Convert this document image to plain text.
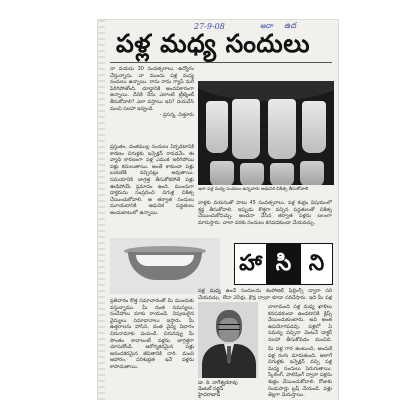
27-9-08	అదా ఉద
పళ్ల మధ్య సందులు
నా వయసు 30 సంవత్సరాలు. ఉద్యోగం చేస్తున్నాను. నా ముందు పళ్ల మధ్య సందులు ఉన్నాయి. రాను రాను గ్యాప్ మరీ పెరిగిపోతోంది. చూడ్డానికి అందవికారంగా ఉన్నాయి. దీనికి నేను ఎలాంటి ట్రీట్మెంట్ తీసుకోవాలి? ఎలా వస్తాయి ఇవి? దయచేసి మంచి సలహా ఇవ్వండి.
- ప్రసన్న, చిత్తూరు
ప్రస్తుతం, దంతముల్ల సందులు ఏర్పడటానికి కారణం చిగుళ్లకు ఇన్ఫెక్షన్ రావడమే. ఈ వ్యాధి కారణంగా పళ్ల ఎముక అరిగిపోయి పళ్లు కదులుతాయి. అంతే కాకుండా పళ్లు బయటికి వచ్చినట్లు అవుతాయి. సమయానికి జాగ్రత్త తీసుకోకపోతే పళ్లు ఊడిపోయే ప్రమాదం ఉంది. ముందుగా డాక్టరును సంప్రదించి చిగుళ్ల చికిత్స చేయించుకోవాలి. ఆ తర్వాత సందులు మూయటానికి ఆధునిక పద్ధతులు అందుబాటులో ఉన్నాయి.
ఇలా పళ్ల మధ్య సందులు ఉన్నవారు ఆధునిక చికిత్స తీసుకోవాలి
వాళ్లకు వయసుతో పాటు 45 సంవత్సరాలు. పళ్ల శుభ్రం విషయంలో శ్రద్ధ తీసుకోవాలి. ఇప్పుడు కొత్తగా వచ్చిన పద్ధతులతో చికిత్స చేయించుకోవచ్చు. అంచనా వేసిన తర్వాత పళ్లను బలంగా మారుస్తారు. చాలా వరకు సందులు కనపడకుండా చేయవచ్చు.
హా సి ని
పళ్ల మధ్య ఉండే సందులను కంపోజిట్ ఫిల్లింగ్స్ ద్వారా సరి చేయవచ్చు. లేదా వెనీర్లు, క్రౌన్ల ద్వారా కూడా సరిచేస్తారు. ఇది మీ పళ్ల
ప్రతివారం కొత్త సమాచారంతో మీ ముందుకు వస్తున్నాము. మీ దంత సమస్యలు, సందేహాలు మాకు రాయండి. నిపుణులైన వైద్యులు సమాధానాలు ఇస్తారు. మీ ఉత్తరాలను హాసిని, దంత వైద్య విభాగం చిరునామాకు పంపండి. చిరునవ్వు మీ సొంతం కావాలంటే పళ్లను జాగ్రత్తగా చూసుకోండి. ఆరోగ్యకరమైన పళ్లు ఆనందకరమైన జీవితానికి దారి. మంచి ఆహారం, పరిశుభ్రత ఇవే పళ్లను కాపాడుతాయి.
డా. కె. నాగేశ్వరరావు
డెంటల్ సర్జన్
హైదరాబాద్
చాలామంది పళ్ల మధ్య ఖాళీలు కనపడకుండా ఉండటానికి క్లిప్స్ వేయించుకుంటారు. అవి అంత ఉపయోగపడవు. పళ్లలో ఏ సమస్య వచ్చినా వెంటనే డాక్టర్ సలహా తీసుకోవడం మంచిది.
మీ పళ్ల గార ఉంటుంది, అందుకే పళ్ల రంగు మారుతుంది. అలాగే చిగుళ్లకు ఇన్ఫెక్షన్ వచ్చి పళ్ల మధ్య సందులు పెరుగుతాయి. స్కేలింగ్, పాలిషింగ్ ద్వారా పళ్లను శుభ్రం చేయించుకోవాలి. రోజుకు రెండుసార్లు బ్రష్ చేయండి. పళ్లు తెల్లగా మెరుస్తాయి.
